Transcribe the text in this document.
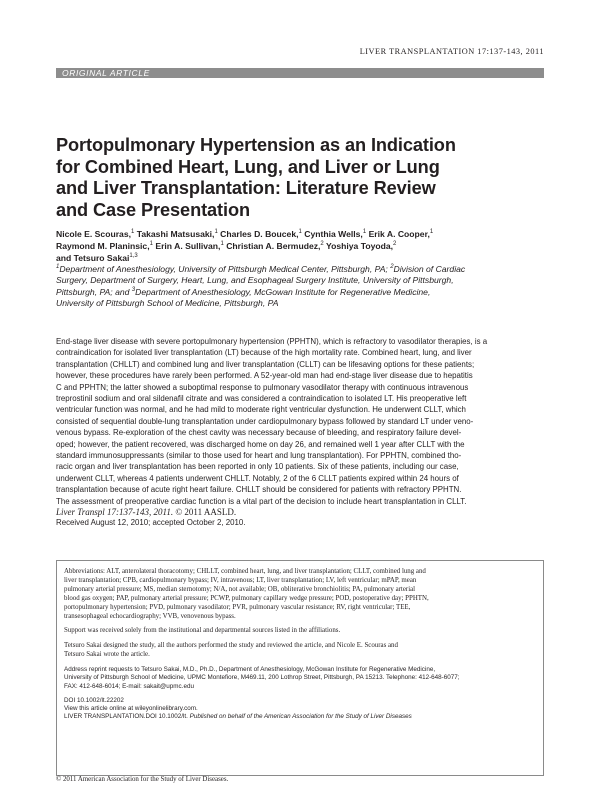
LIVER TRANSPLANTATION 17:137-143, 2011
ORIGINAL ARTICLE
Portopulmonary Hypertension as an Indication
for Combined Heart, Lung, and Liver or Lung
and Liver Transplantation: Literature Review
and Case Presentation
Nicole E. Scouras,$^1$ Takashi Matsusaki,$^1$ Charles D. Boucek,$^1$ Cynthia Wells,$^1$ Erik A. Cooper,$^1$
Raymond M. Planinsic,$^1$ Erin A. Sullivan,$^1$ Christian A. Bermudez,$^2$ Yoshiya Toyoda,$^2$
and Tetsuro Sakai$^{1,3}$
$^1$Department of Anesthesiology, University of Pittsburgh Medical Center, Pittsburgh, PA; $^2$Division of Cardiac
Surgery, Department of Surgery, Heart, Lung, and Esophageal Surgery Institute, University of Pittsburgh,
Pittsburgh, PA; and $^3$Department of Anesthesiology, McGowan Institute for Regenerative Medicine,
University of Pittsburgh School of Medicine, Pittsburgh, PA
End-stage liver disease with severe portopulmonary hypertension (PPHTN), which is refractory to vasodilator therapies, is a
contraindication for isolated liver transplantation (LT) because of the high mortality rate. Combined heart, lung, and liver
transplantation (CHLLT) and combined lung and liver transplantation (CLLT) can be lifesaving options for these patients;
however, these procedures have rarely been performed. A 52-year-old man had end-stage liver disease due to hepatitis
C and PPHTN; the latter showed a suboptimal response to pulmonary vasodilator therapy with continuous intravenous
treprostinil sodium and oral sildenafil citrate and was considered a contraindication to isolated LT. His preoperative left
ventricular function was normal, and he had mild to moderate right ventricular dysfunction. He underwent CLLT, which
consisted of sequential double-lung transplantation under cardiopulmonary bypass followed by standard LT under veno-
venous bypass. Re-exploration of the chest cavity was necessary because of bleeding, and respiratory failure devel-
oped; however, the patient recovered, was discharged home on day 26, and remained well 1 year after CLLT with the
standard immunosuppressants (similar to those used for heart and lung transplantation). For PPHTN, combined tho-
racic organ and liver transplantation has been reported in only 10 patients. Six of these patients, including our case,
underwent CLLT, whereas 4 patients underwent CHLLT. Notably, 2 of the 6 CLLT patients expired within 24 hours of
transplantation because of acute right heart failure. CHLLT should be considered for patients with refractory PPHTN.
The assessment of preoperative cardiac function is a vital part of the decision to include heart transplantation in CLLT.
Liver Transpl 17:137-143, 2011. © 2011 AASLD.
Received August 12, 2010; accepted October 2, 2010.
Abbreviations: ALT, anterolateral thoracotomy; CHLLT, combined heart, lung, and liver transplantation; CLLT, combined lung and
liver transplantation; CPB, cardiopulmonary bypass; IV, intravenous; LT, liver transplantation; LV, left ventricular; mPAP, mean
pulmonary arterial pressure; MS, median sternotomy; N/A, not available; OB, obliterative bronchiolitis; PA, pulmonary arterial
blood gas oxygen; PAP, pulmonary arterial pressure; PCWP, pulmonary capillary wedge pressure; POD, postoperative day; PPHTN,
portopulmonary hypertension; PVD, pulmonary vasodilator; PVR, pulmonary vascular resistance; RV, right ventricular; TEE,
transesophageal echocardiography; VVB, venovenous bypass.
Support was received solely from the institutional and departmental sources listed in the affiliations.
Tetsuro Sakai designed the study, all the authors performed the study and reviewed the article, and Nicole E. Scouras and
Tetsuro Sakai wrote the article.
Address reprint requests to Tetsuro Sakai, M.D., Ph.D., Department of Anesthesiology, McGowan Institute for Regenerative Medicine,
University of Pittsburgh School of Medicine, UPMC Montefiore, M469.11, 200 Lothrop Street, Pittsburgh, PA 15213. Telephone: 412-648-6077;
FAX: 412-648-6014; E-mail: sakait@upmc.edu
DOI 10.1002/lt.22202
View this article online at wileyonlinelibrary.com.
LIVER TRANSPLANTATION.DOI 10.1002/lt. Published on behalf of the American Association for the Study of Liver Diseases
© 2011 American Association for the Study of Liver Diseases.
